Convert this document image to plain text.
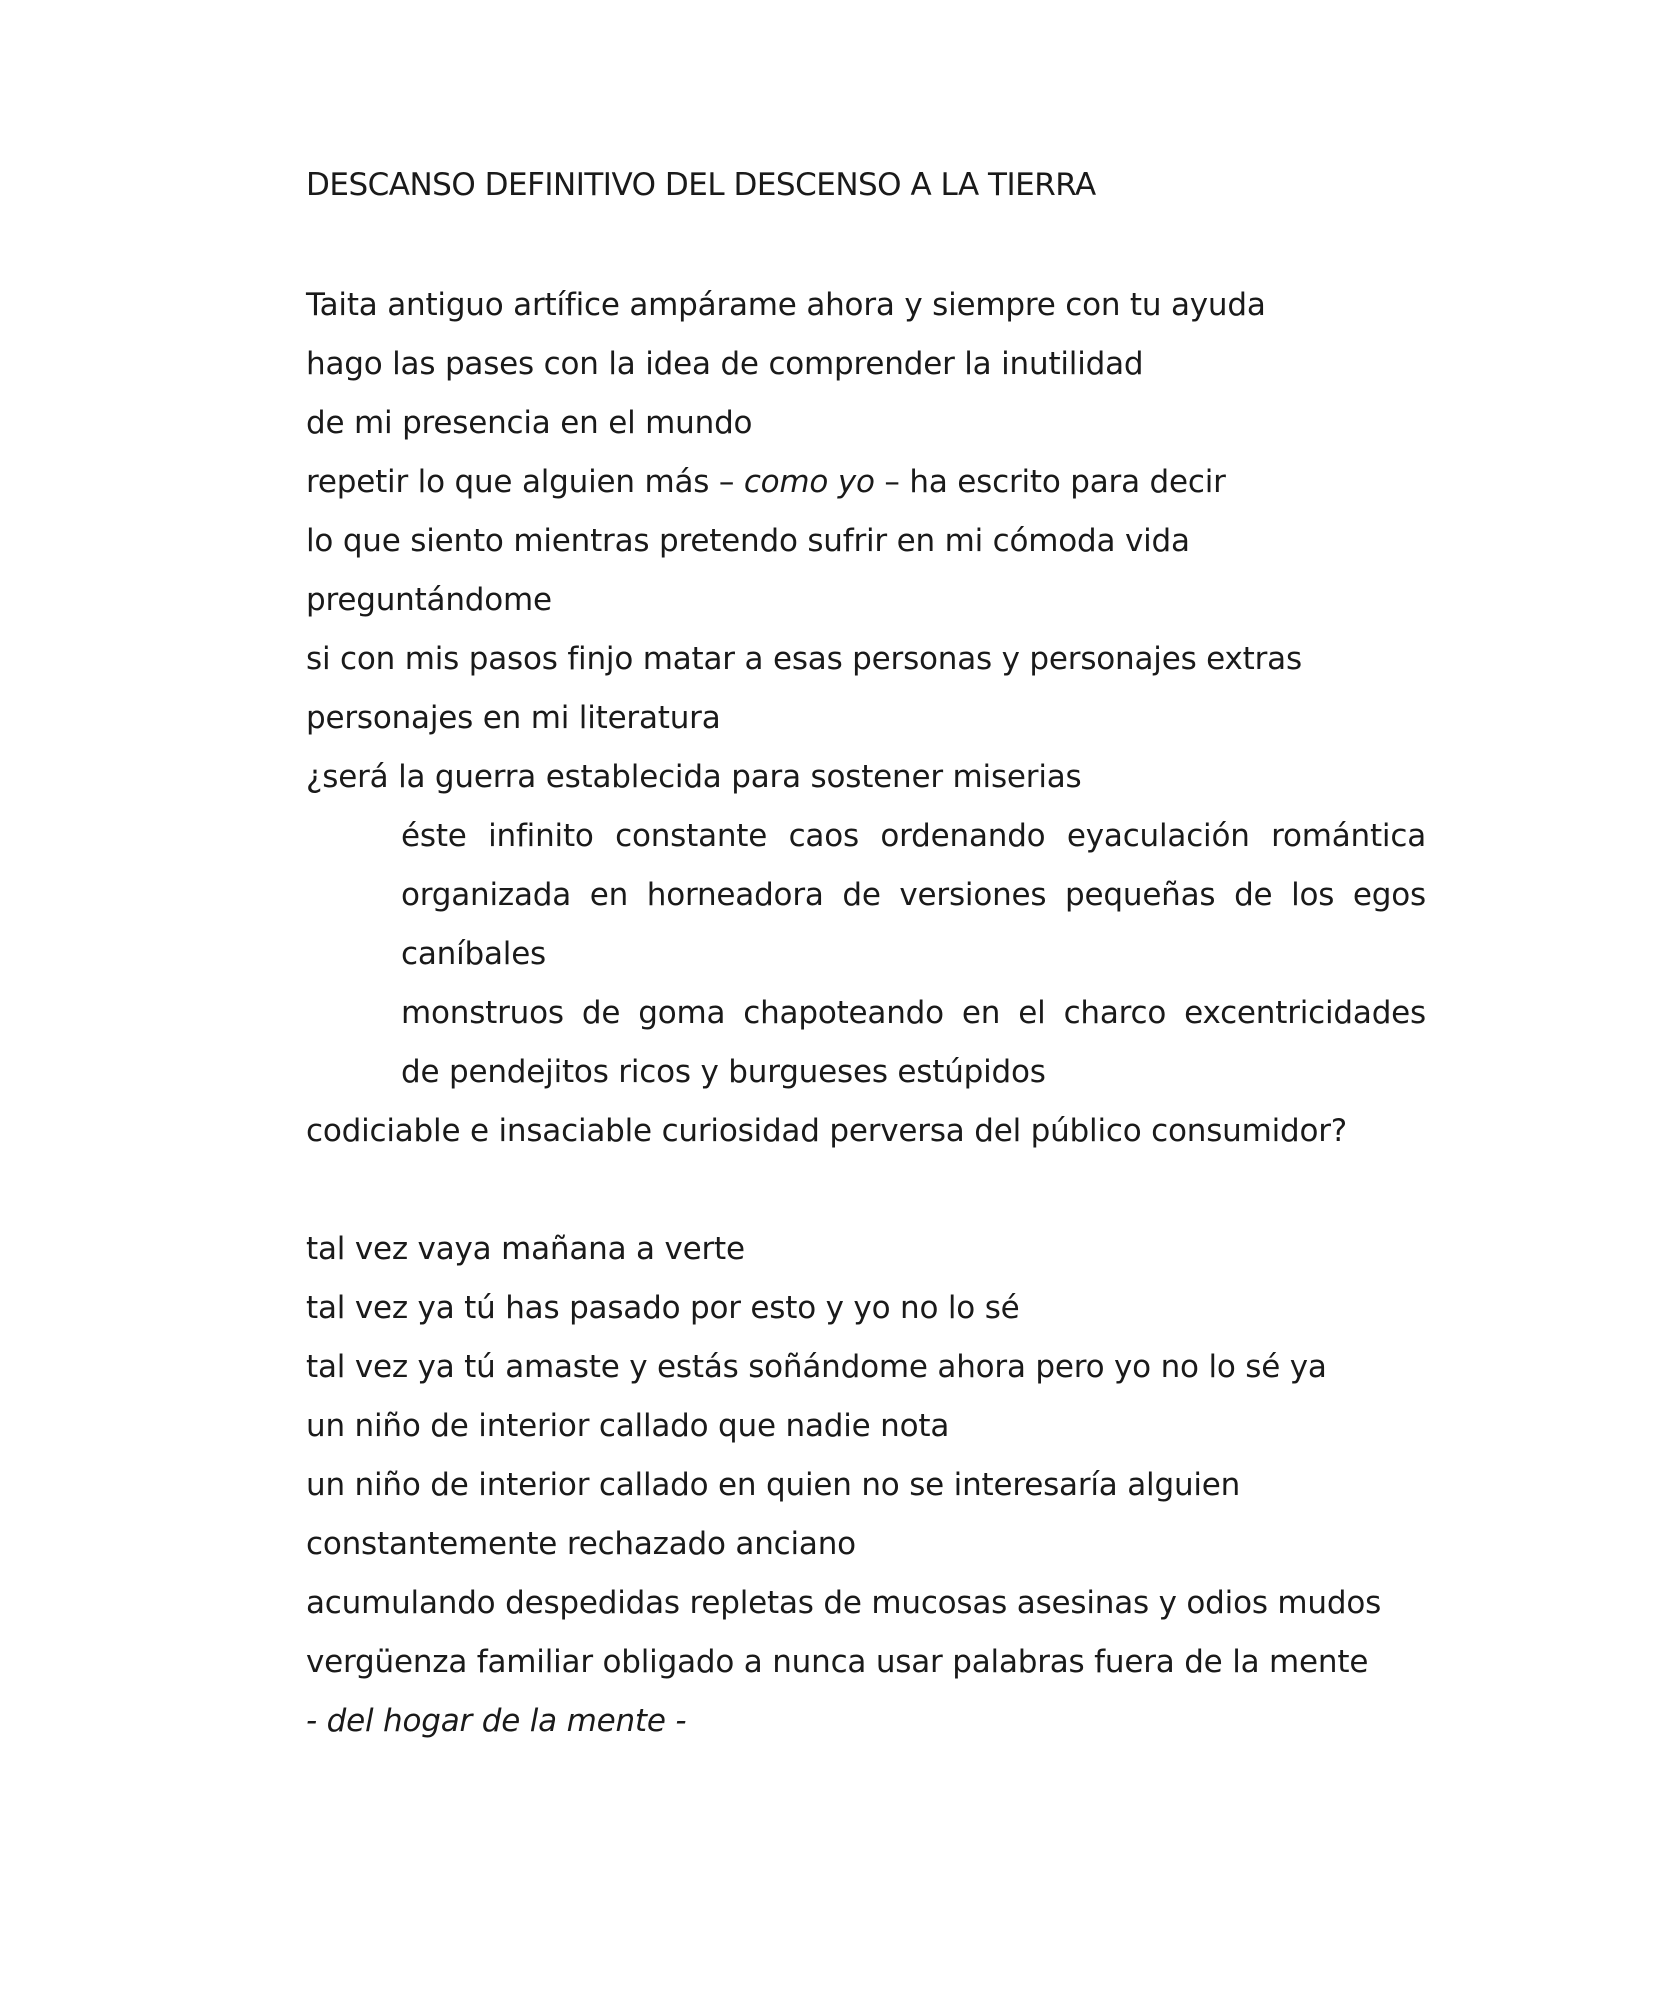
DESCANSO DEFINITIVO DEL DESCENSO A LA TIERRA
Taita antiguo artífice ampárame ahora y siempre con tu ayuda
hago las pases con la idea de comprender la inutilidad
de mi presencia en el mundo
repetir lo que alguien más – como yo – ha escrito para decir
lo que siento mientras pretendo sufrir en mi cómoda vida
preguntándome
si con mis pasos finjo matar a esas personas y personajes extras
personajes en mi literatura
¿será la guerra establecida para sostener miserias
éste infinito constante caos ordenando eyaculación romántica
organizada en horneadora de versiones pequeñas de los egos
caníbales
monstruos de goma chapoteando en el charco excentricidades
de pendejitos ricos y burgueses estúpidos
codiciable e insaciable curiosidad perversa del público consumidor?
tal vez vaya mañana a verte
tal vez ya tú has pasado por esto y yo no lo sé
tal vez ya tú amaste y estás soñándome ahora pero yo no lo sé ya
un niño de interior callado que nadie nota
un niño de interior callado en quien no se interesaría alguien
constantemente rechazado anciano
acumulando despedidas repletas de mucosas asesinas y odios mudos
vergüenza familiar obligado a nunca usar palabras fuera de la mente
- del hogar de la mente -
